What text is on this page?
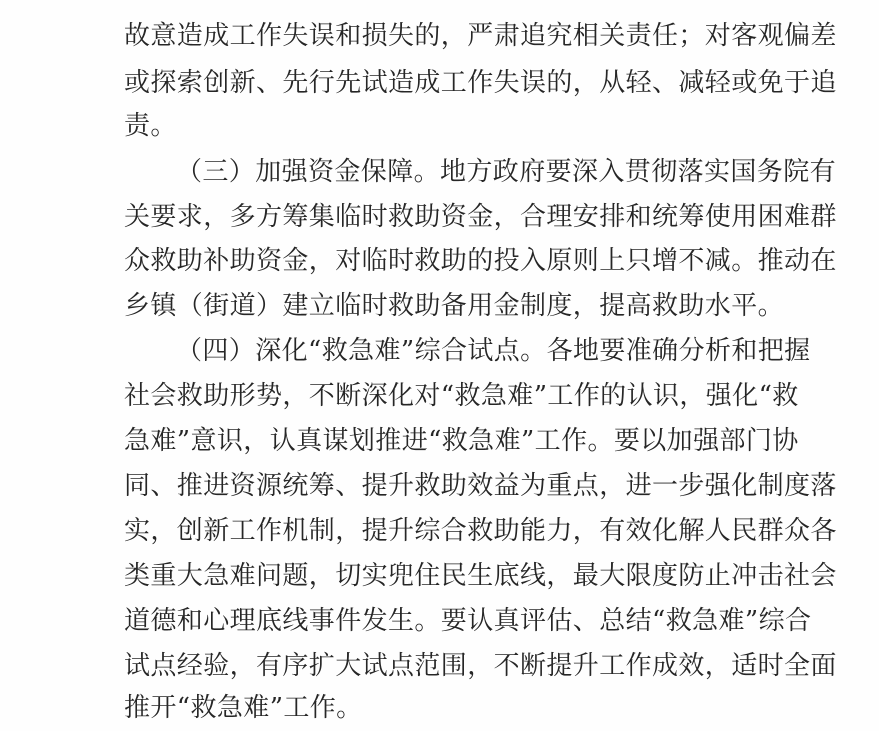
故意造成工作失误和损失的，严肃追究相关责任；对客观偏差
或探索创新、先行先试造成工作失误的，从轻、减轻或免于追
责。
（三）加强资金保障。地方政府要深入贯彻落实国务院有
关要求，多方筹集临时救助资金，合理安排和统筹使用困难群
众救助补助资金，对临时救助的投入原则上只增不减。推动在
乡镇（街道）建立临时救助备用金制度，提高救助水平。
（四）深化“救急难”综合试点。各地要准确分析和把握
社会救助形势，不断深化对“救急难”工作的认识，强化“救
急难”意识，认真谋划推进“救急难”工作。要以加强部门协
同、推进资源统筹、提升救助效益为重点，进一步强化制度落
实，创新工作机制，提升综合救助能力，有效化解人民群众各
类重大急难问题，切实兜住民生底线，最大限度防止冲击社会
道德和心理底线事件发生。要认真评估、总结“救急难”综合
试点经验，有序扩大试点范围，不断提升工作成效，适时全面
推开“救急难”工作。
